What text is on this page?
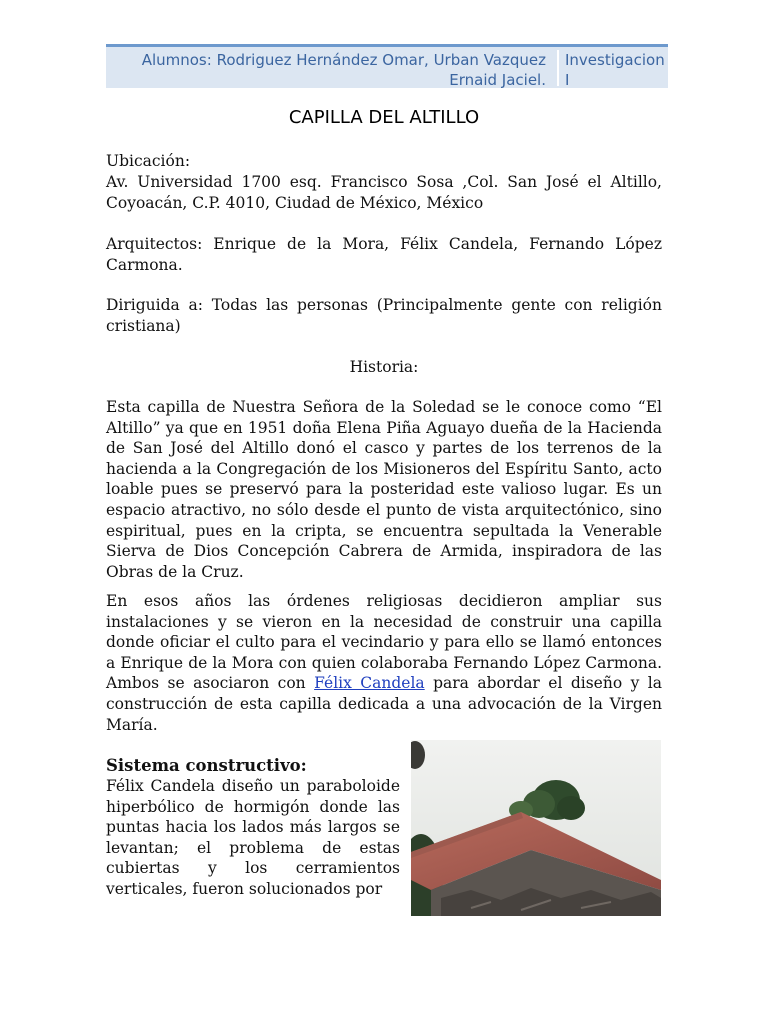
Alumnos: Rodriguez Hernández Omar, Urban Vazquez Ernaid Jaciel.
Investigacion I
CAPILLA DEL ALTILLO
Ubicación:
Av. Universidad 1700 esq. Francisco Sosa ,Col. San José el Altillo, Coyoacán, C.P. 4010, Ciudad de México, México
Arquitectos: Enrique de la Mora, Félix Candela, Fernando López Carmona.
Diriguida a: Todas las personas (Principalmente gente con religión cristiana)
Historia:
Esta capilla de Nuestra Señora de la Soledad se le conoce como “El Altillo” ya que en 1951 doña Elena Piña Aguayo dueña de la Hacienda de San José del Altillo donó el casco y partes de los terrenos de la hacienda a la Congregación de los Misioneros del Espíritu Santo, acto loable pues se preservó para la posteridad este valioso lugar. Es un espacio atractivo, no sólo desde el punto de vista arquitectónico, sino espiritual, pues en la cripta, se encuentra sepultada la Venerable Sierva de Dios Concepción Cabrera de Armida, inspiradora de las Obras de la Cruz.
En esos años las órdenes religiosas decidieron ampliar sus instalaciones y se vieron en la necesidad de construir una capilla donde oficiar el culto para el vecindario y para ello se llamó entonces a Enrique de la Mora con quien colaboraba Fernando López Carmona. Ambos se asociaron con Félix Candela para abordar el diseño y la construcción de esta capilla dedicada a una advocación de la Virgen María.
Sistema constructivo:
Félix Candela diseño un paraboloide hiperbólico de hormigón donde las puntas hacia los lados más largos se levantan; el problema de estas cubiertas y los cerramientos verticales, fueron solucionados por
